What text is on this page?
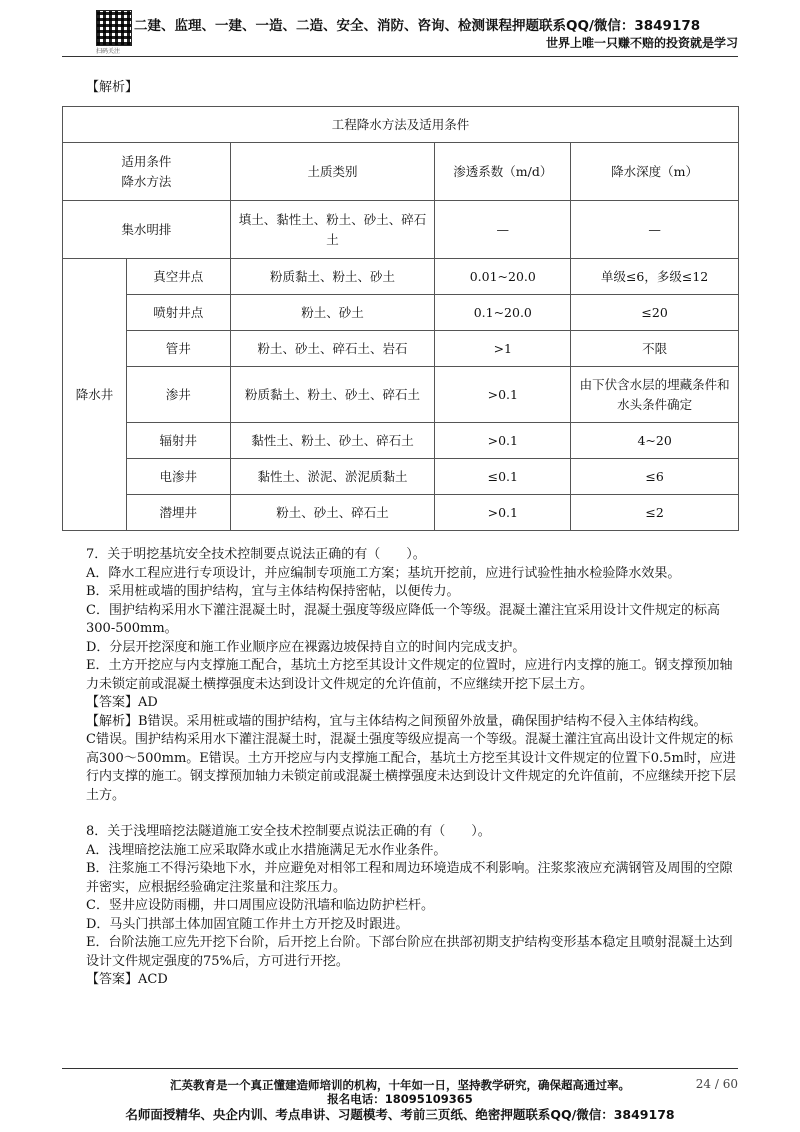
扫码关注
二建、监理、一建、一造、二造、安全、消防、咨询、检测课程押题联系QQ/微信：3849178
世界上唯一只赚不赔的投资就是学习
【解析】
工程降水方法及适用条件				

适用条件
降水方法		土质类别	渗透系数（m/d）	降水深度（m）
集水明排		填土、黏性土、粉土、砂土、碎石土	—	—
降水井	真空井点	粉质黏土、粉土、砂土	0.01~20.0	单级≤6，多级≤12
	喷射井点	粉土、砂土	0.1~20.0	≤20
	管井	粉土、砂土、碎石土、岩石	>1	不限
	渗井	粉质黏土、粉土、砂土、碎石土	>0.1	由下伏含水层的埋藏条件和水头条件确定
	辐射井	黏性土、粉土、砂土、碎石土	>0.1	4~20
	电渗井	黏性土、淤泥、淤泥质黏土	≤0.1	≤6
	潜埋井	粉土、砂土、碎石土	>0.1	≤2

7．关于明挖基坑安全技术控制要点说法正确的有（　　）。

A．降水工程应进行专项设计，并应编制专项施工方案；基坑开挖前，应进行试验性抽水检验降水效果。

B．采用桩或墙的围护结构，宜与主体结构保持密帖，以便传力。

C．围护结构采用水下灌注混凝土时，混凝土强度等级应降低一个等级。混凝土灌注宜采用设计文件规定的标高300-500mm。

D．分层开挖深度和施工作业顺序应在裸露边坡保持自立的时间内完成支护。

E．土方开挖应与内支撑施工配合，基坑土方挖至其设计文件规定的位置时，应进行内支撑的施工。钢支撑预加轴力未锁定前或混凝土横撑强度未达到设计文件规定的允许值前，不应继续开挖下层土方。

【答案】AD

【解析】B错误。采用桩或墙的围护结构，宜与主体结构之间预留外放量，确保围护结构不侵入主体结构线。

C错误。围护结构采用水下灌注混凝土时，混凝土强度等级应提高一个等级。混凝土灌注宜高出设计文件规定的标高300～500mm。E错误。土方开挖应与内支撑施工配合，基坑土方挖至其设计文件规定的位置下0.5m时，应进行内支撑的施工。钢支撑预加轴力未锁定前或混凝土横撑强度未达到设计文件规定的允许值前，不应继续开挖下层土方。

8．关于浅埋暗挖法隧道施工安全技术控制要点说法正确的有（　　）。

A．浅埋暗挖法施工应采取降水或止水措施满足无水作业条件。

B．注浆施工不得污染地下水，并应避免对相邻工程和周边环境造成不利影响。注浆浆液应充满钢管及周围的空隙并密实，应根据经验确定注浆量和注浆压力。

C．竖井应设防雨棚，井口周围应设防汛墙和临边防护栏杆。

D．马头门拱部土体加固宜随工作井土方开挖及时跟进。

E．台阶法施工应先开挖下台阶，后开挖上台阶。下部台阶应在拱部初期支护结构变形基本稳定且喷射混凝土达到设计文件规定强度的75%后，方可进行开挖。

【答案】ACD

汇英教育是一个真正懂建造师培训的机构，十年如一日，坚持教学研究，确保超高通过率。	24 / 60
报名电话：18095109365
名师面授精华、央企内训、考点串讲、习题模考、考前三页纸、绝密押题联系QQ/微信：3849178
